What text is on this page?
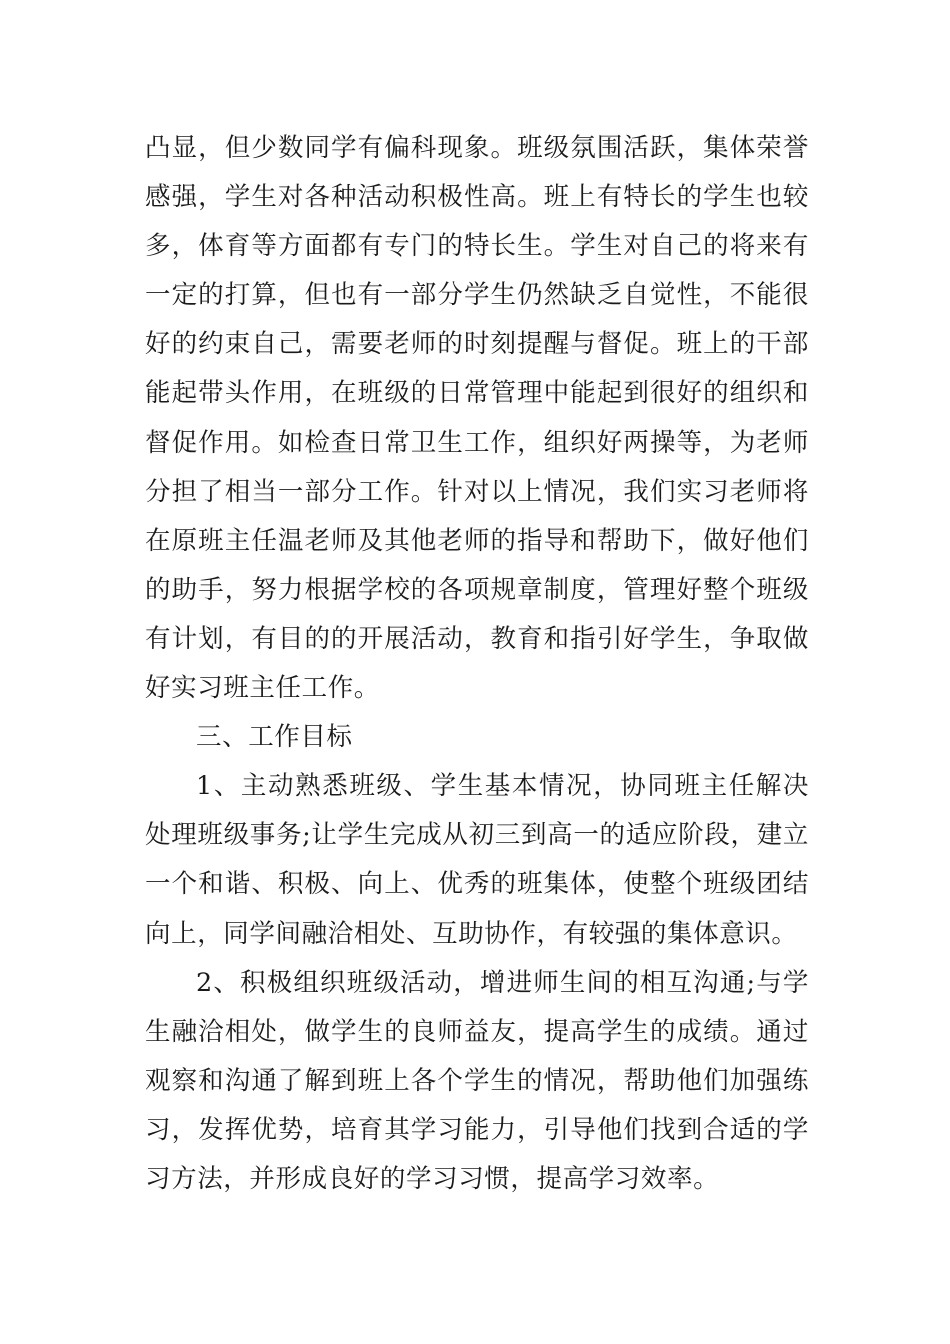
凸显，但少数同学有偏科现象。班级氛围活跃，集体荣誉感强，学生对各种活动积极性高。班上有特长的学生也较多，体育等方面都有专门的特长生。学生对自己的将来有一定的打算，但也有一部分学生仍然缺乏自觉性，不能很好的约束自己，需要老师的时刻提醒与督促。班上的干部能起带头作用，在班级的日常管理中能起到很好的组织和督促作用。如检查日常卫生工作，组织好两操等，为老师分担了相当一部分工作。针对以上情况，我们实习老师将在原班主任温老师及其他老师的指导和帮助下，做好他们的助手，努力根据学校的各项规章制度，管理好整个班级有计划，有目的的开展活动，教育和指引好学生，争取做好实习班主任工作。

三、工作目标

1、主动熟悉班级、学生基本情况，协同班主任解决处理班级事务;让学生完成从初三到高一的适应阶段，建立一个和谐、积极、向上、优秀的班集体，使整个班级团结向上，同学间融洽相处、互助协作，有较强的集体意识。

2、积极组织班级活动，增进师生间的相互沟通;与学生融洽相处，做学生的良师益友，提高学生的成绩。通过观察和沟通了解到班上各个学生的情况，帮助他们加强练习，发挥优势，培育其学习能力，引导他们找到合适的学习方法，并形成良好的学习习惯，提高学习效率。
